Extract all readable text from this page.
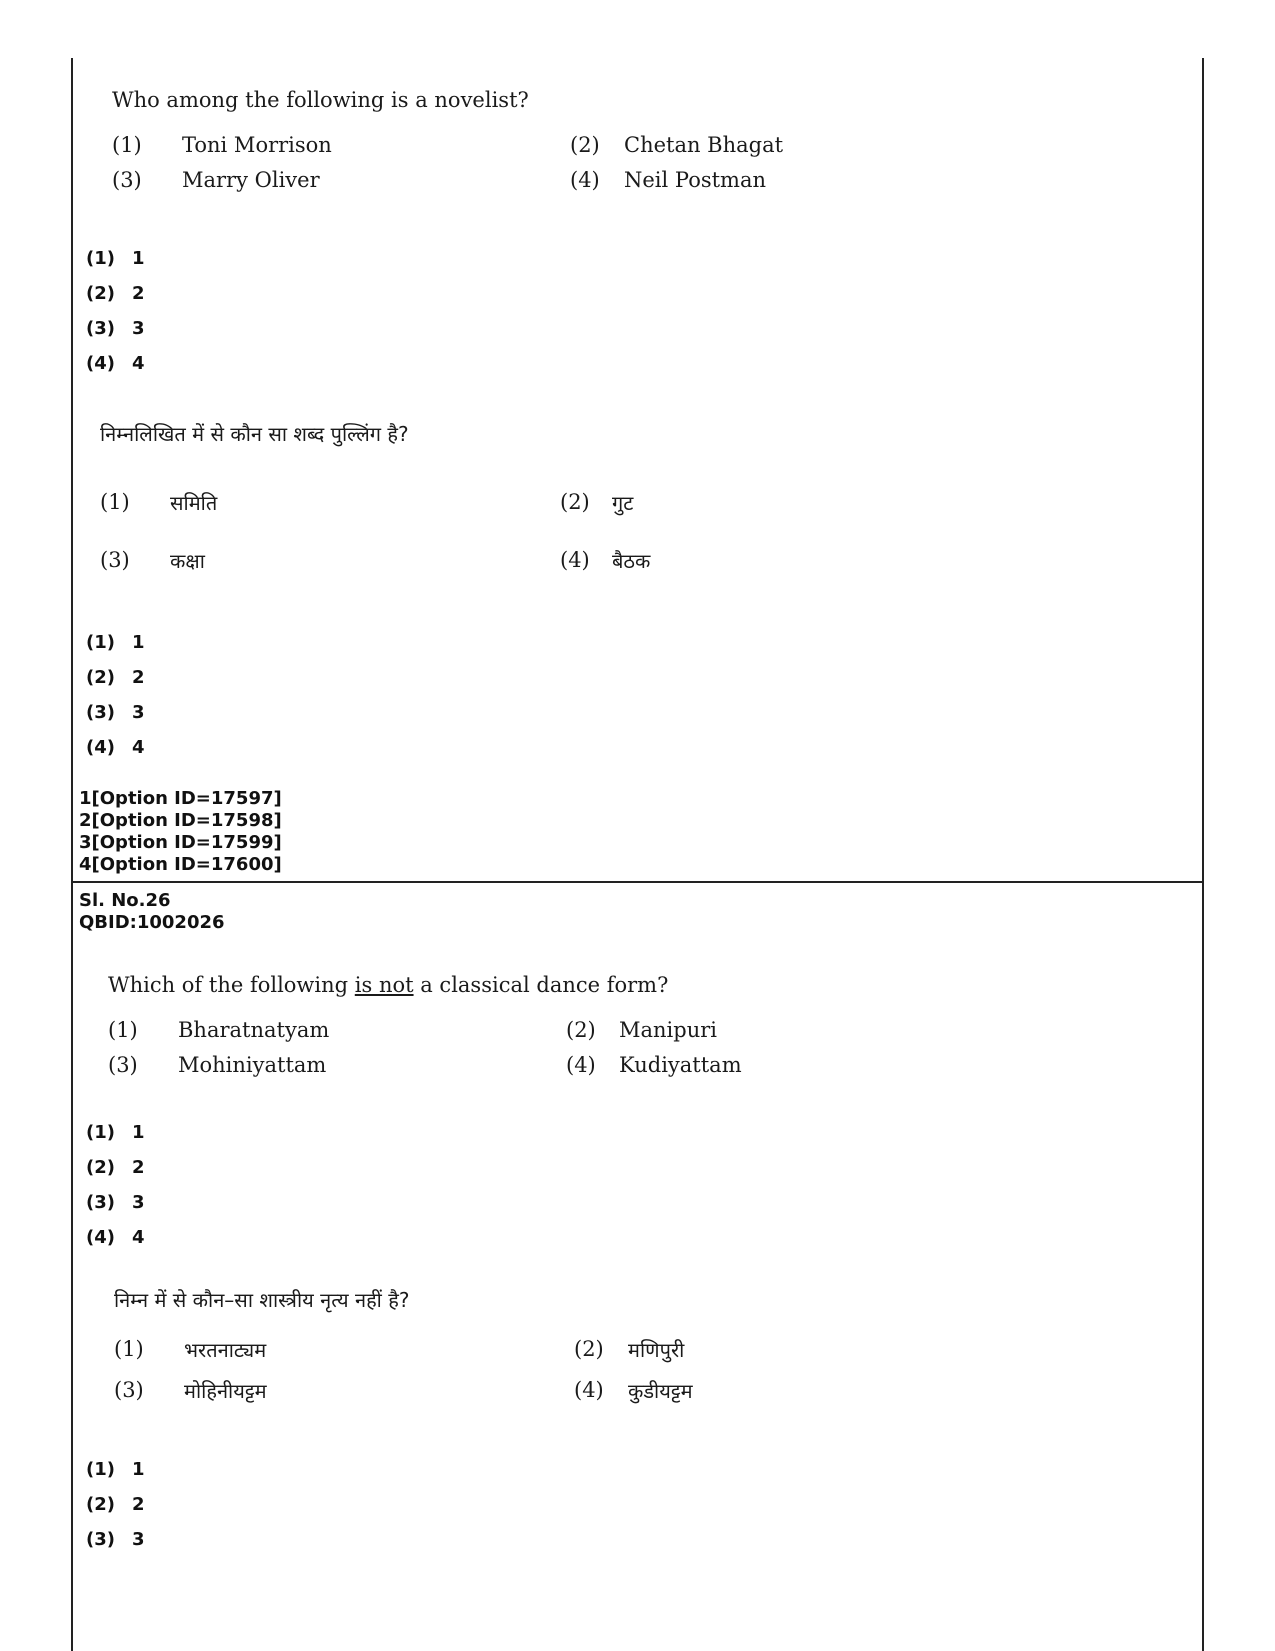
Who among the following is a novelist?
(1) Toni Morrison	(2) Chetan Bhagat
(3) Marry Oliver	(4) Neil Postman
(1) 1
(2) 2
(3) 3
(4) 4
निम्नलिखित में से कौन सा शब्द पुल्लिंग है?
(1) समिति	(2) गुट
(3) कक्षा	(4) बैठक
(1) 1
(2) 2
(3) 3
(4) 4
1[Option ID=17597]
2[Option ID=17598]
3[Option ID=17599]
4[Option ID=17600]
Sl. No.26
QBID:1002026
Which of the following is not a classical dance form?
(1) Bharatnatyam	(2) Manipuri
(3) Mohiniyattam	(4) Kudiyattam
(1) 1
(2) 2
(3) 3
(4) 4
निम्न में से कौन–सा शास्त्रीय नृत्य नहीं है?
(1) भरतनाट्यम	(2) मणिपुरी
(3) मोहिनीयट्टम	(4) कुडीयट्टम
(1) 1
(2) 2
(3) 3
